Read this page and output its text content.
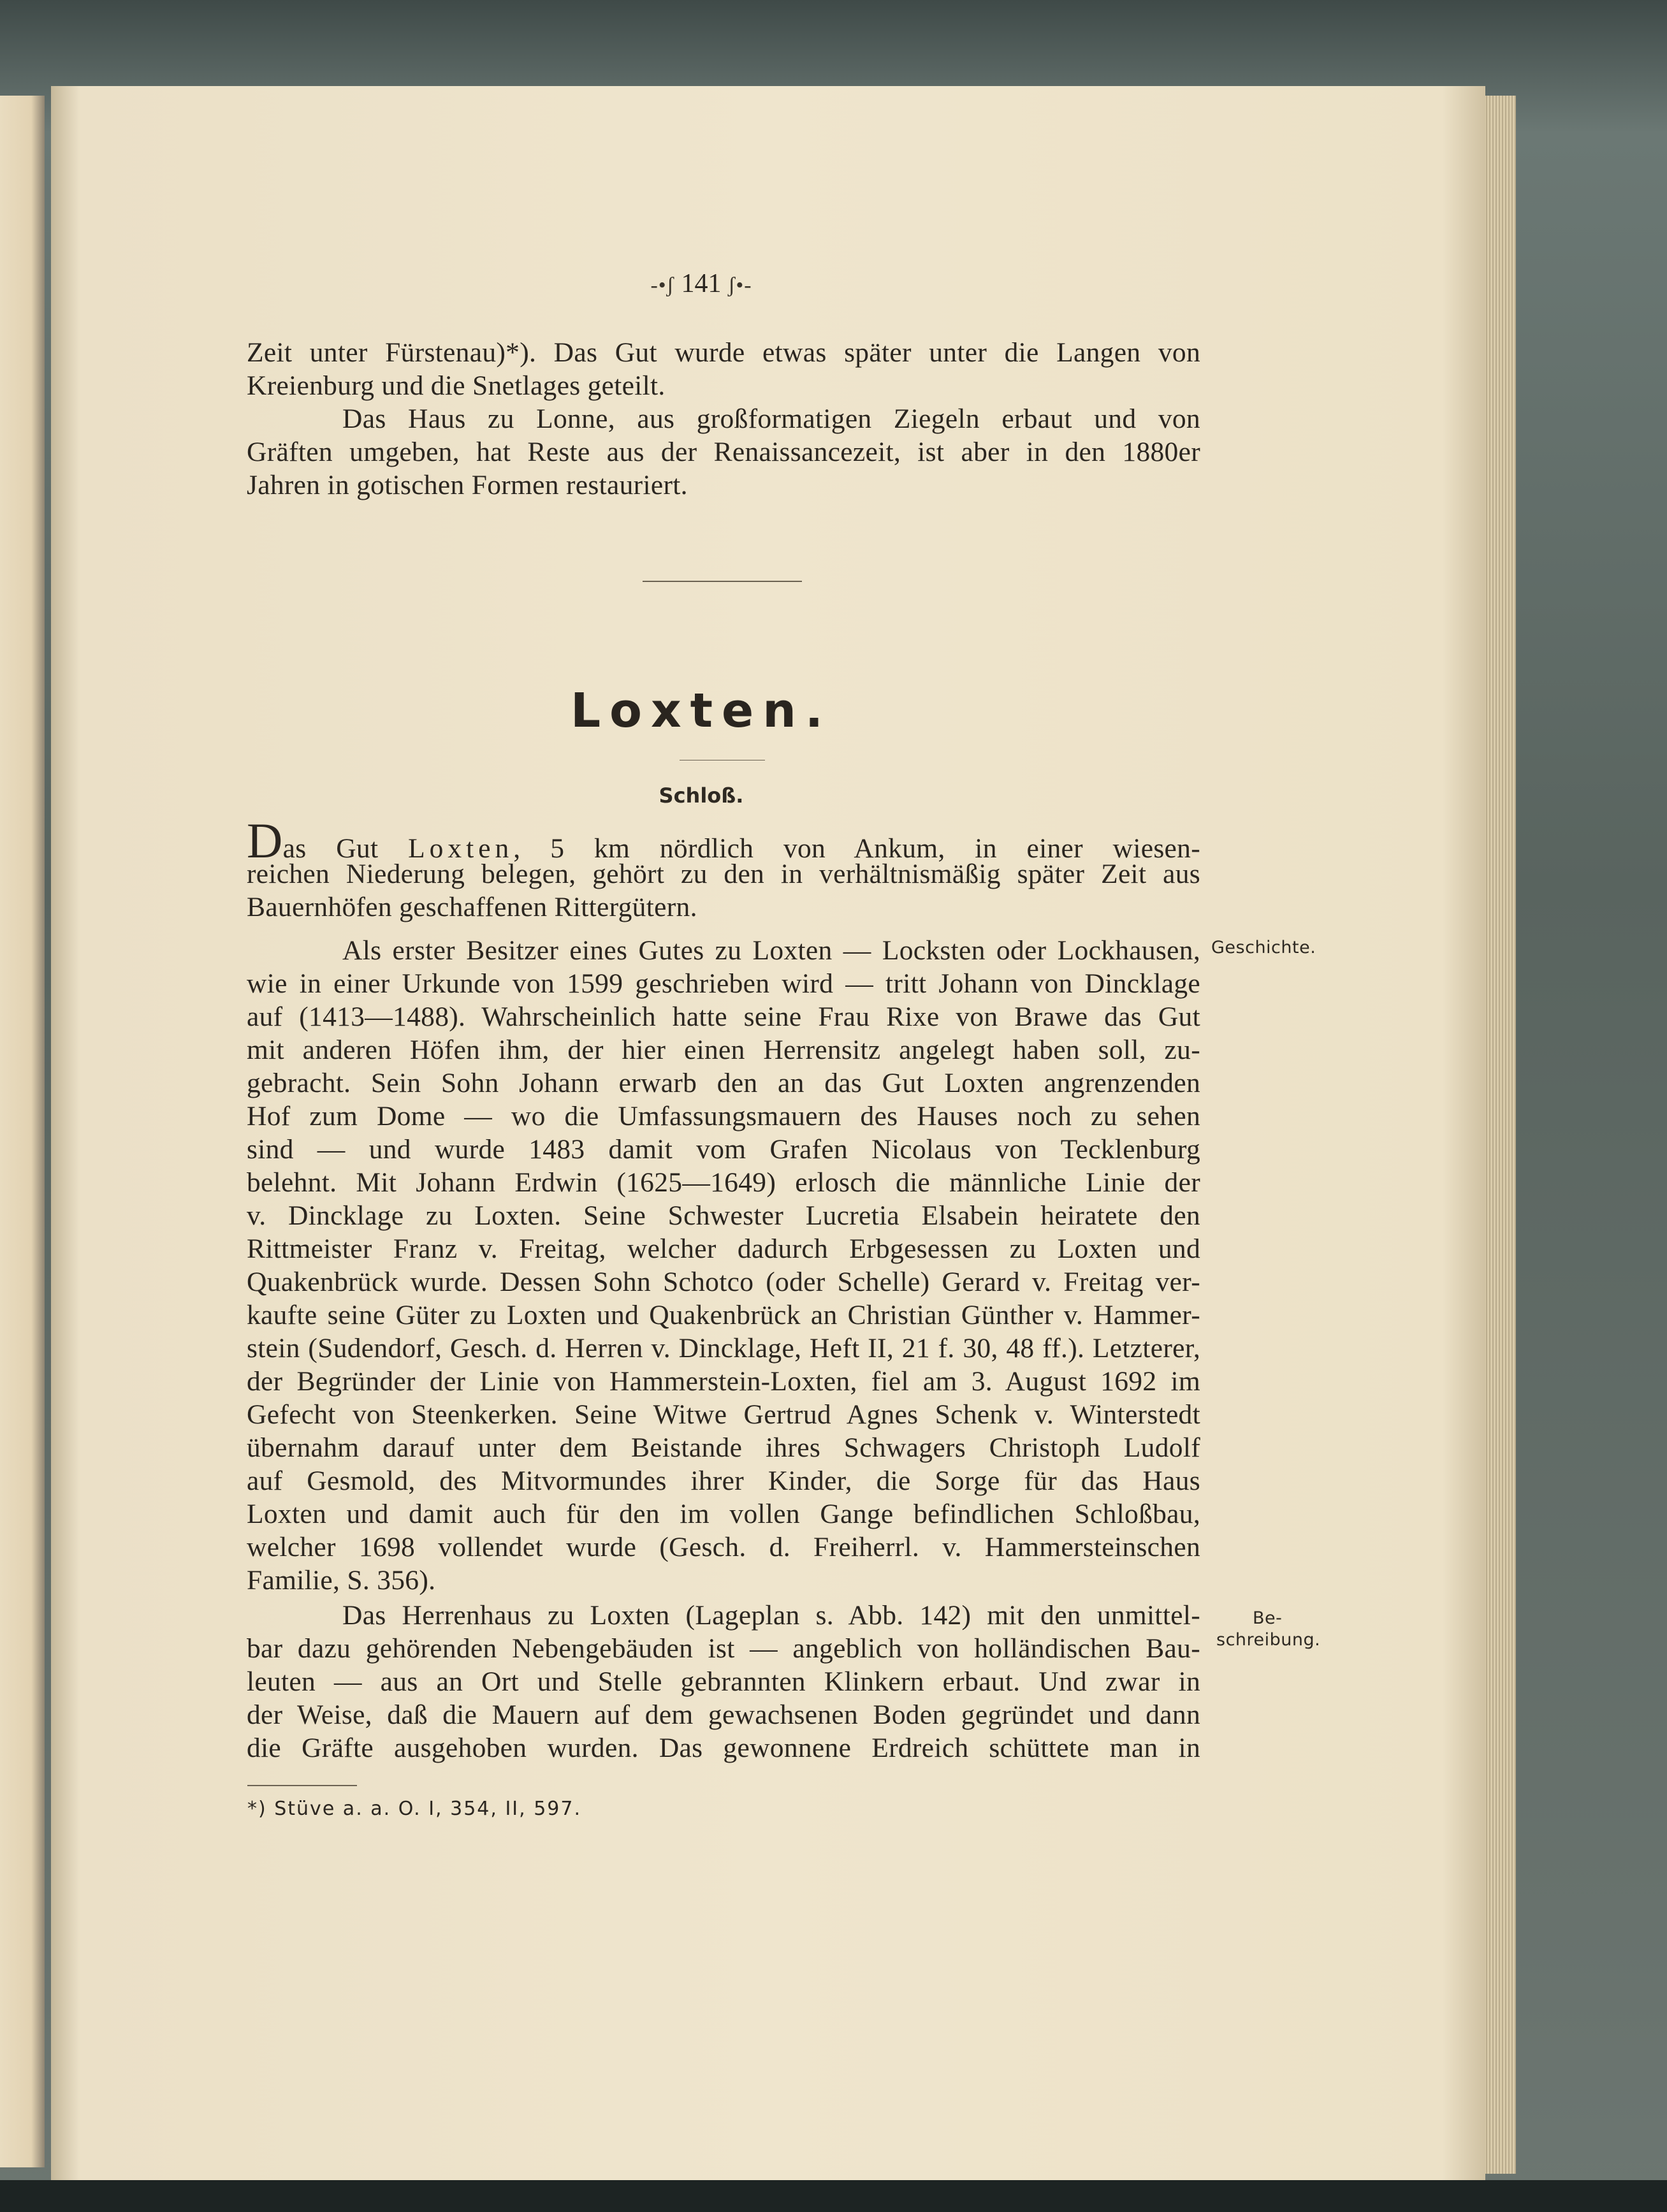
-•ʃ 141 ʃ•-
Zeit unter Fürstenau)*). Das Gut wurde etwas später unter die Langen von
Kreienburg und die Snetlages geteilt.
Das Haus zu Lonne, aus großformatigen Ziegeln erbaut und von
Gräften umgeben, hat Reste aus der Renaissancezeit, ist aber in den 1880er
Jahren in gotischen Formen restauriert.
Loxten.
Schloß.
Das Gut Loxten, 5 km nördlich von Ankum, in einer wiesen-
reichen Niederung belegen, gehört zu den in verhältnismäßig später Zeit aus
Bauernhöfen geschaffenen Rittergütern.
Als erster Besitzer eines Gutes zu Loxten — Locksten oder Lockhausen,
wie in einer Urkunde von 1599 geschrieben wird — tritt Johann von Dincklage
auf (1413—1488). Wahrscheinlich hatte seine Frau Rixe von Brawe das Gut
mit anderen Höfen ihm, der hier einen Herrensitz angelegt haben soll, zu-
gebracht. Sein Sohn Johann erwarb den an das Gut Loxten angrenzenden
Hof zum Dome — wo die Umfassungsmauern des Hauses noch zu sehen
sind — und wurde 1483 damit vom Grafen Nicolaus von Tecklenburg
belehnt. Mit Johann Erdwin (1625—1649) erlosch die männliche Linie der
v. Dincklage zu Loxten. Seine Schwester Lucretia Elsabein heiratete den
Rittmeister Franz v. Freitag, welcher dadurch Erbgesessen zu Loxten und
Quakenbrück wurde. Dessen Sohn Schotco (oder Schelle) Gerard v. Freitag ver-
kaufte seine Güter zu Loxten und Quakenbrück an Christian Günther v. Hammer-
stein (Sudendorf, Gesch. d. Herren v. Dincklage, Heft II, 21 f. 30, 48 ff.). Letzterer,
der Begründer der Linie von Hammerstein-Loxten, fiel am 3. August 1692 im
Gefecht von Steenkerken. Seine Witwe Gertrud Agnes Schenk v. Winterstedt
übernahm darauf unter dem Beistande ihres Schwagers Christoph Ludolf
auf Gesmold, des Mitvormundes ihrer Kinder, die Sorge für das Haus
Loxten und damit auch für den im vollen Gange befindlichen Schloßbau,
welcher 1698 vollendet wurde (Gesch. d. Freiherrl. v. Hammersteinschen
Familie, S. 356).
Das Herrenhaus zu Loxten (Lageplan s. Abb. 142) mit den unmittel-
bar dazu gehörenden Nebengebäuden ist — angeblich von holländischen Bau-
leuten — aus an Ort und Stelle gebrannten Klinkern erbaut. Und zwar in
der Weise, daß die Mauern auf dem gewachsenen Boden gegründet und dann
die Gräfte ausgehoben wurden. Das gewonnene Erdreich schüttete man in
Geschichte.
Be-
schreibung.
*) Stüve a. a. O. I, 354, II, 597.
